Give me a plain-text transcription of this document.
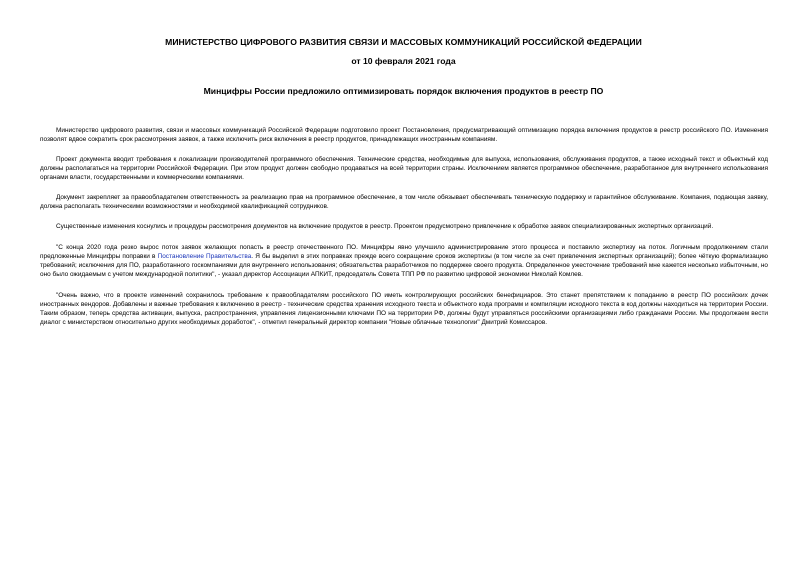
МИНИСТЕРСТВО ЦИФРОВОГО РАЗВИТИЯ СВЯЗИ И МАССОВЫХ КОММУНИКАЦИЙ РОССИЙСКОЙ ФЕДЕРАЦИИ
от 10 февраля 2021 года
Минцифры России предложило оптимизировать порядок включения продуктов в реестр ПО

Министерство цифрового развития, связи и массовых коммуникаций Российской Федерации подготовило проект Постановления, предусматривающий оптимизацию порядка включения продуктов в реестр российского ПО. Изменения позволят вдвое сократить срок рассмотрения заявок, а также исключить риск включения в реестр продуктов, принадлежащих иностранным компаниям.

Проект документа вводит требования к локализации производителей программного обеспечения. Технические средства, необходимые для выпуска, использования, обслуживания продуктов, а также исходный текст и объектный код должны располагаться на территории Российской Федерации. При этом продукт должен свободно продаваться на всей территории страны. Исключением является программное обеспечение, разработанное для внутреннего использования органами власти, государственными и коммерческими компаниями.

Документ закрепляет за правообладателем ответственность за реализацию прав на программное обеспечение, в том числе обязывает обеспечивать техническую поддержку и гарантийное обслуживание. Компания, подающая заявку, должна располагать техническими возможностями и необходимой квалификацией сотрудников.

Существенные изменения коснулись и процедуры рассмотрения документов на включение продуктов в реестр. Проектом предусмотрено привлечение к обработке заявок специализированных экспертных организаций.

"С конца 2020 года резко вырос поток заявок желающих попасть в реестр отечественного ПО. Минцифры явно улучшило администрирование этого процесса и поставило экспертизу на поток. Логичным продолжением стали предложенные Минцифры поправки в Постановление Правительства. Я бы выделил в этих поправках прежде всего сокращение сроков экспертизы (в том числе за счет привлечения экспертных организаций); более чёткую формализацию требований; исключения для ПО, разработанного госкомпаниями для внутреннего использования; обязательства разработчиков по поддержке своего продукта. Определенное ужесточение требований мне кажется несколько избыточным, но оно было ожидаемым с учетом международной политики", - указал директор Ассоциации АПКИТ, председатель Совета ТПП РФ по развитию цифровой экономики Николай Комлев.

"Очень важно, что в проекте изменений сохранилось требование к правообладателям российского ПО иметь контролирующих российских бенефициаров. Это станет препятствием к попаданию в реестр ПО российских дочек иностранных вендоров. Добавлены и важные требования к включению в реестр - технические средства хранения исходного текста и объектного кода программ и компиляции исходного текста в код должны находиться на территории России. Таким образом, теперь средства активации, выпуска, распространения, управления лицензионными ключами ПО на территории РФ, должны будут управляться российскими организациями либо гражданами России. Мы продолжаем вести диалог с министерством относительно других необходимых доработок", - отметил генеральный директор компании "Новые облачные технологии" Дмитрий Комиссаров.
